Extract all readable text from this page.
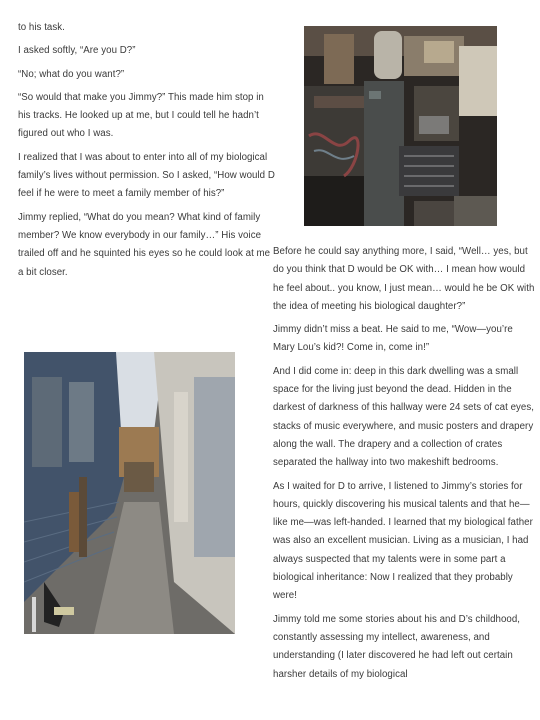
to his task.

I asked softly, “Are you D?”

“No; what do you want?”

“So would that make you Jimmy?” This made him stop in his tracks. He looked up at me, but I could tell he hadn’t figured out who I was.

I realized that I was about to enter into all of my biological family’s lives without permission. So I asked, “How would D feel if he were to meet a family member of his?”

Jimmy replied, “What do you mean? What kind of family member? We know everybody in our family…” His voice trailed off and he squinted his eyes so he could look at me a bit closer.

Before he could say anything more, I said, “Well… yes, but do you think that D would be OK with… I mean how would he feel about.. you know, I just mean… would he be OK with the idea of meeting his biological daughter?”

Jimmy didn’t miss a beat. He said to me, “Wow—you’re Mary Lou’s kid?! Come in, come in!”

And I did come in: deep in this dark dwelling was a small space for the living just beyond the dead. Hidden in the darkest of darkness of this hallway were 24 sets of cat eyes, stacks of music everywhere, and music posters and drapery along the wall. The drapery and a collection of crates separated the hallway into two makeshift bedrooms.

As I waited for D to arrive, I listened to Jimmy’s stories for hours, quickly discovering his musical talents and that he—like me—was left-handed. I learned that my biological father was also an excellent musician. Living as a musician, I had always suspected that my talents were in some part a biological inheritance: Now I realized that they probably were!

Jimmy told me some stories about his and D’s childhood, constantly assessing my intellect, awareness, and understanding (I later discovered he had left out certain harsher details of my biological
